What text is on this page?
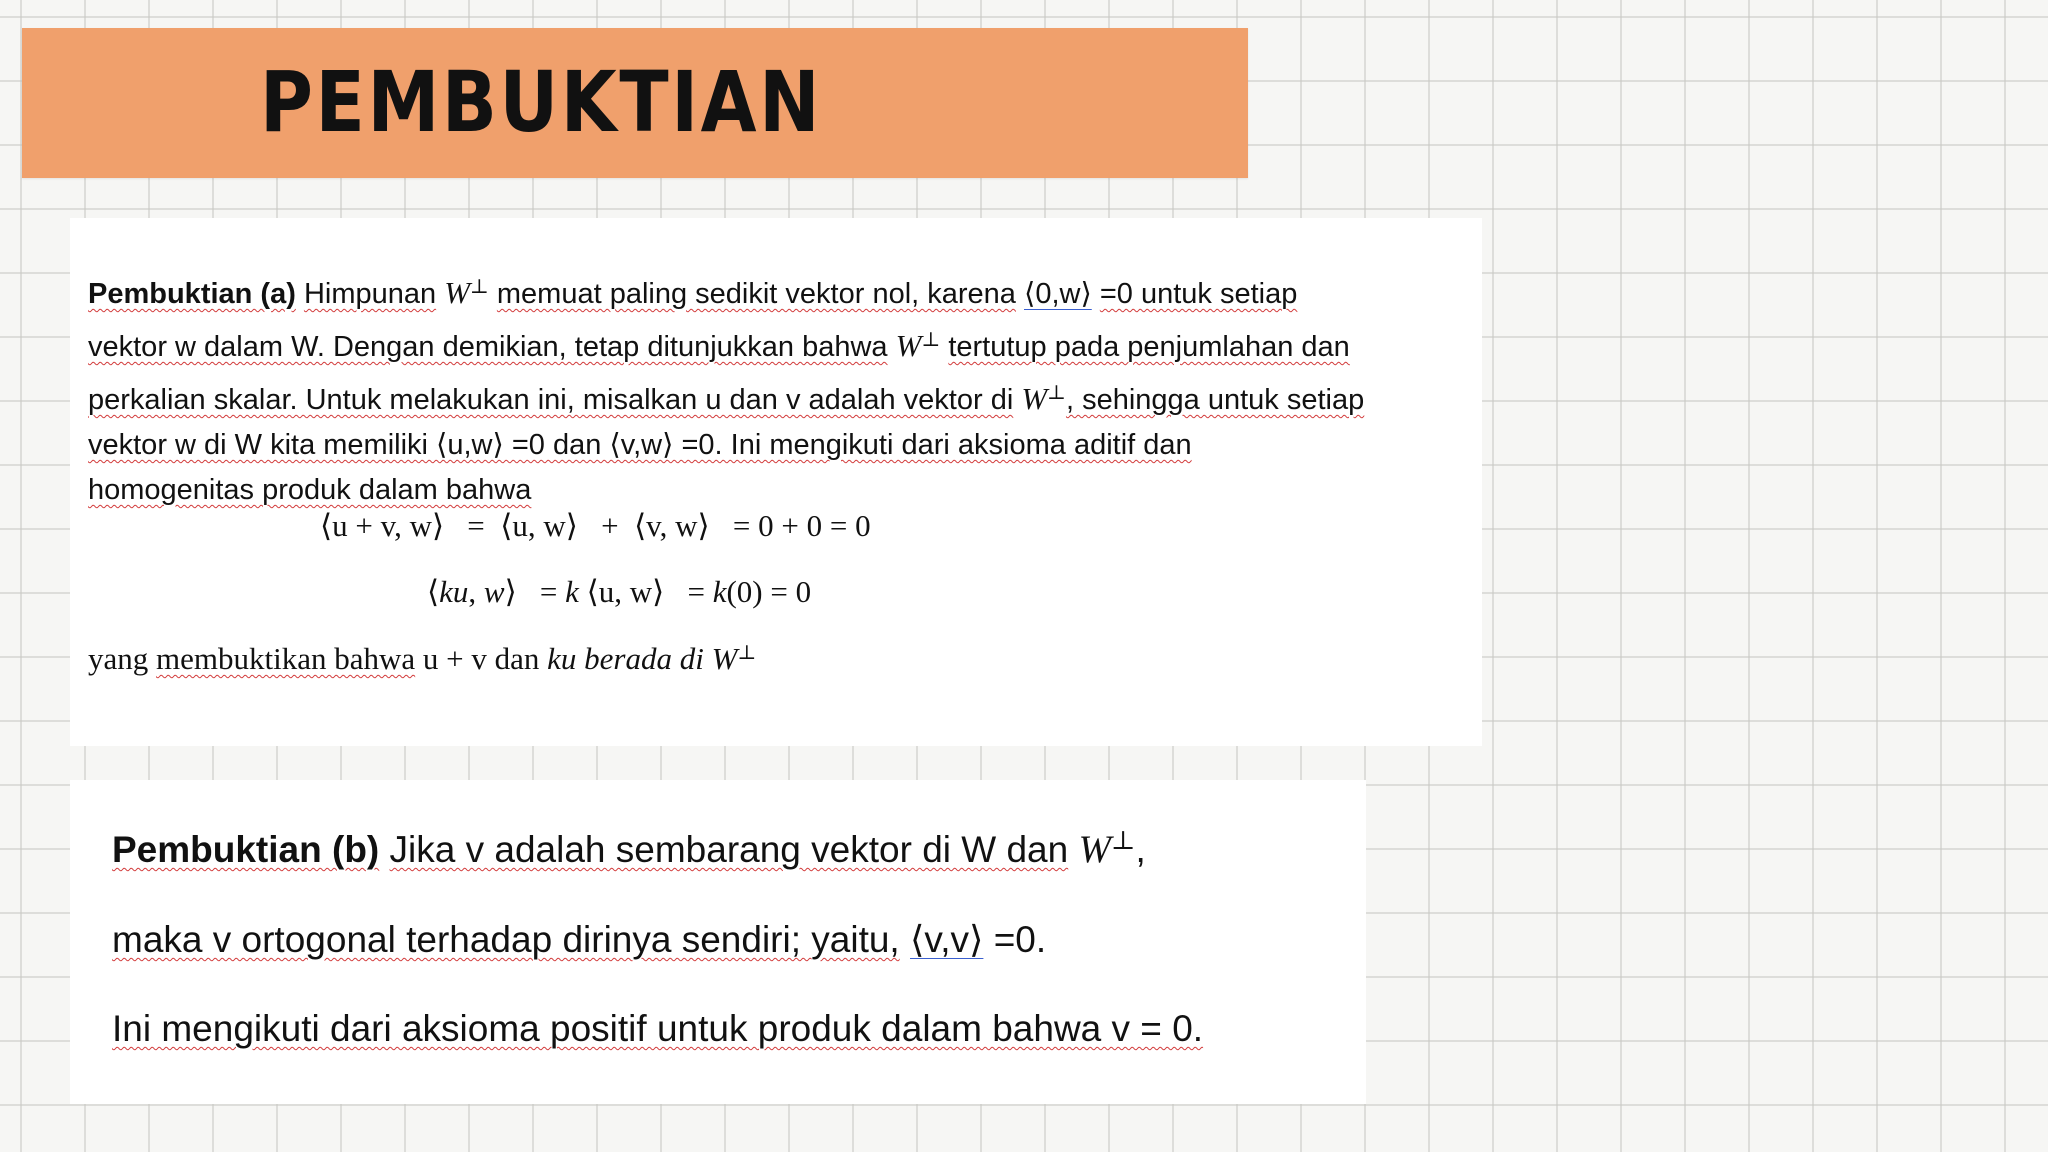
PEMBUKTIAN
Pembuktian (a) Himpunan W⊥ memuat paling sedikit vektor nol, karena ⟨0,w⟩ =0 untuk setiap
vektor w dalam W. Dengan demikian, tetap ditunjukkan bahwa W⊥ tertutup pada penjumlahan dan
perkalian skalar. Untuk melakukan ini, misalkan u dan v adalah vektor di W⊥, sehingga untuk setiap
vektor w di W kita memiliki ⟨u,w⟩ =0 dan ⟨v,w⟩ =0. Ini mengikuti dari aksioma aditif dan
homogenitas produk dalam bahwa
⟨u + v, w⟩   =  ⟨u, w⟩   +  ⟨v, w⟩   = 0 + 0 = 0
⟨ku, w⟩   = k ⟨u, w⟩   = k(0) = 0
yang membuktikan bahwa u + v dan ku berada di W⊥
Pembuktian (b) Jika v adalah sembarang vektor di W dan W⊥,
maka v ortogonal terhadap dirinya sendiri; yaitu, ⟨v,v⟩ =0.
Ini mengikuti dari aksioma positif untuk produk dalam bahwa v = 0.
